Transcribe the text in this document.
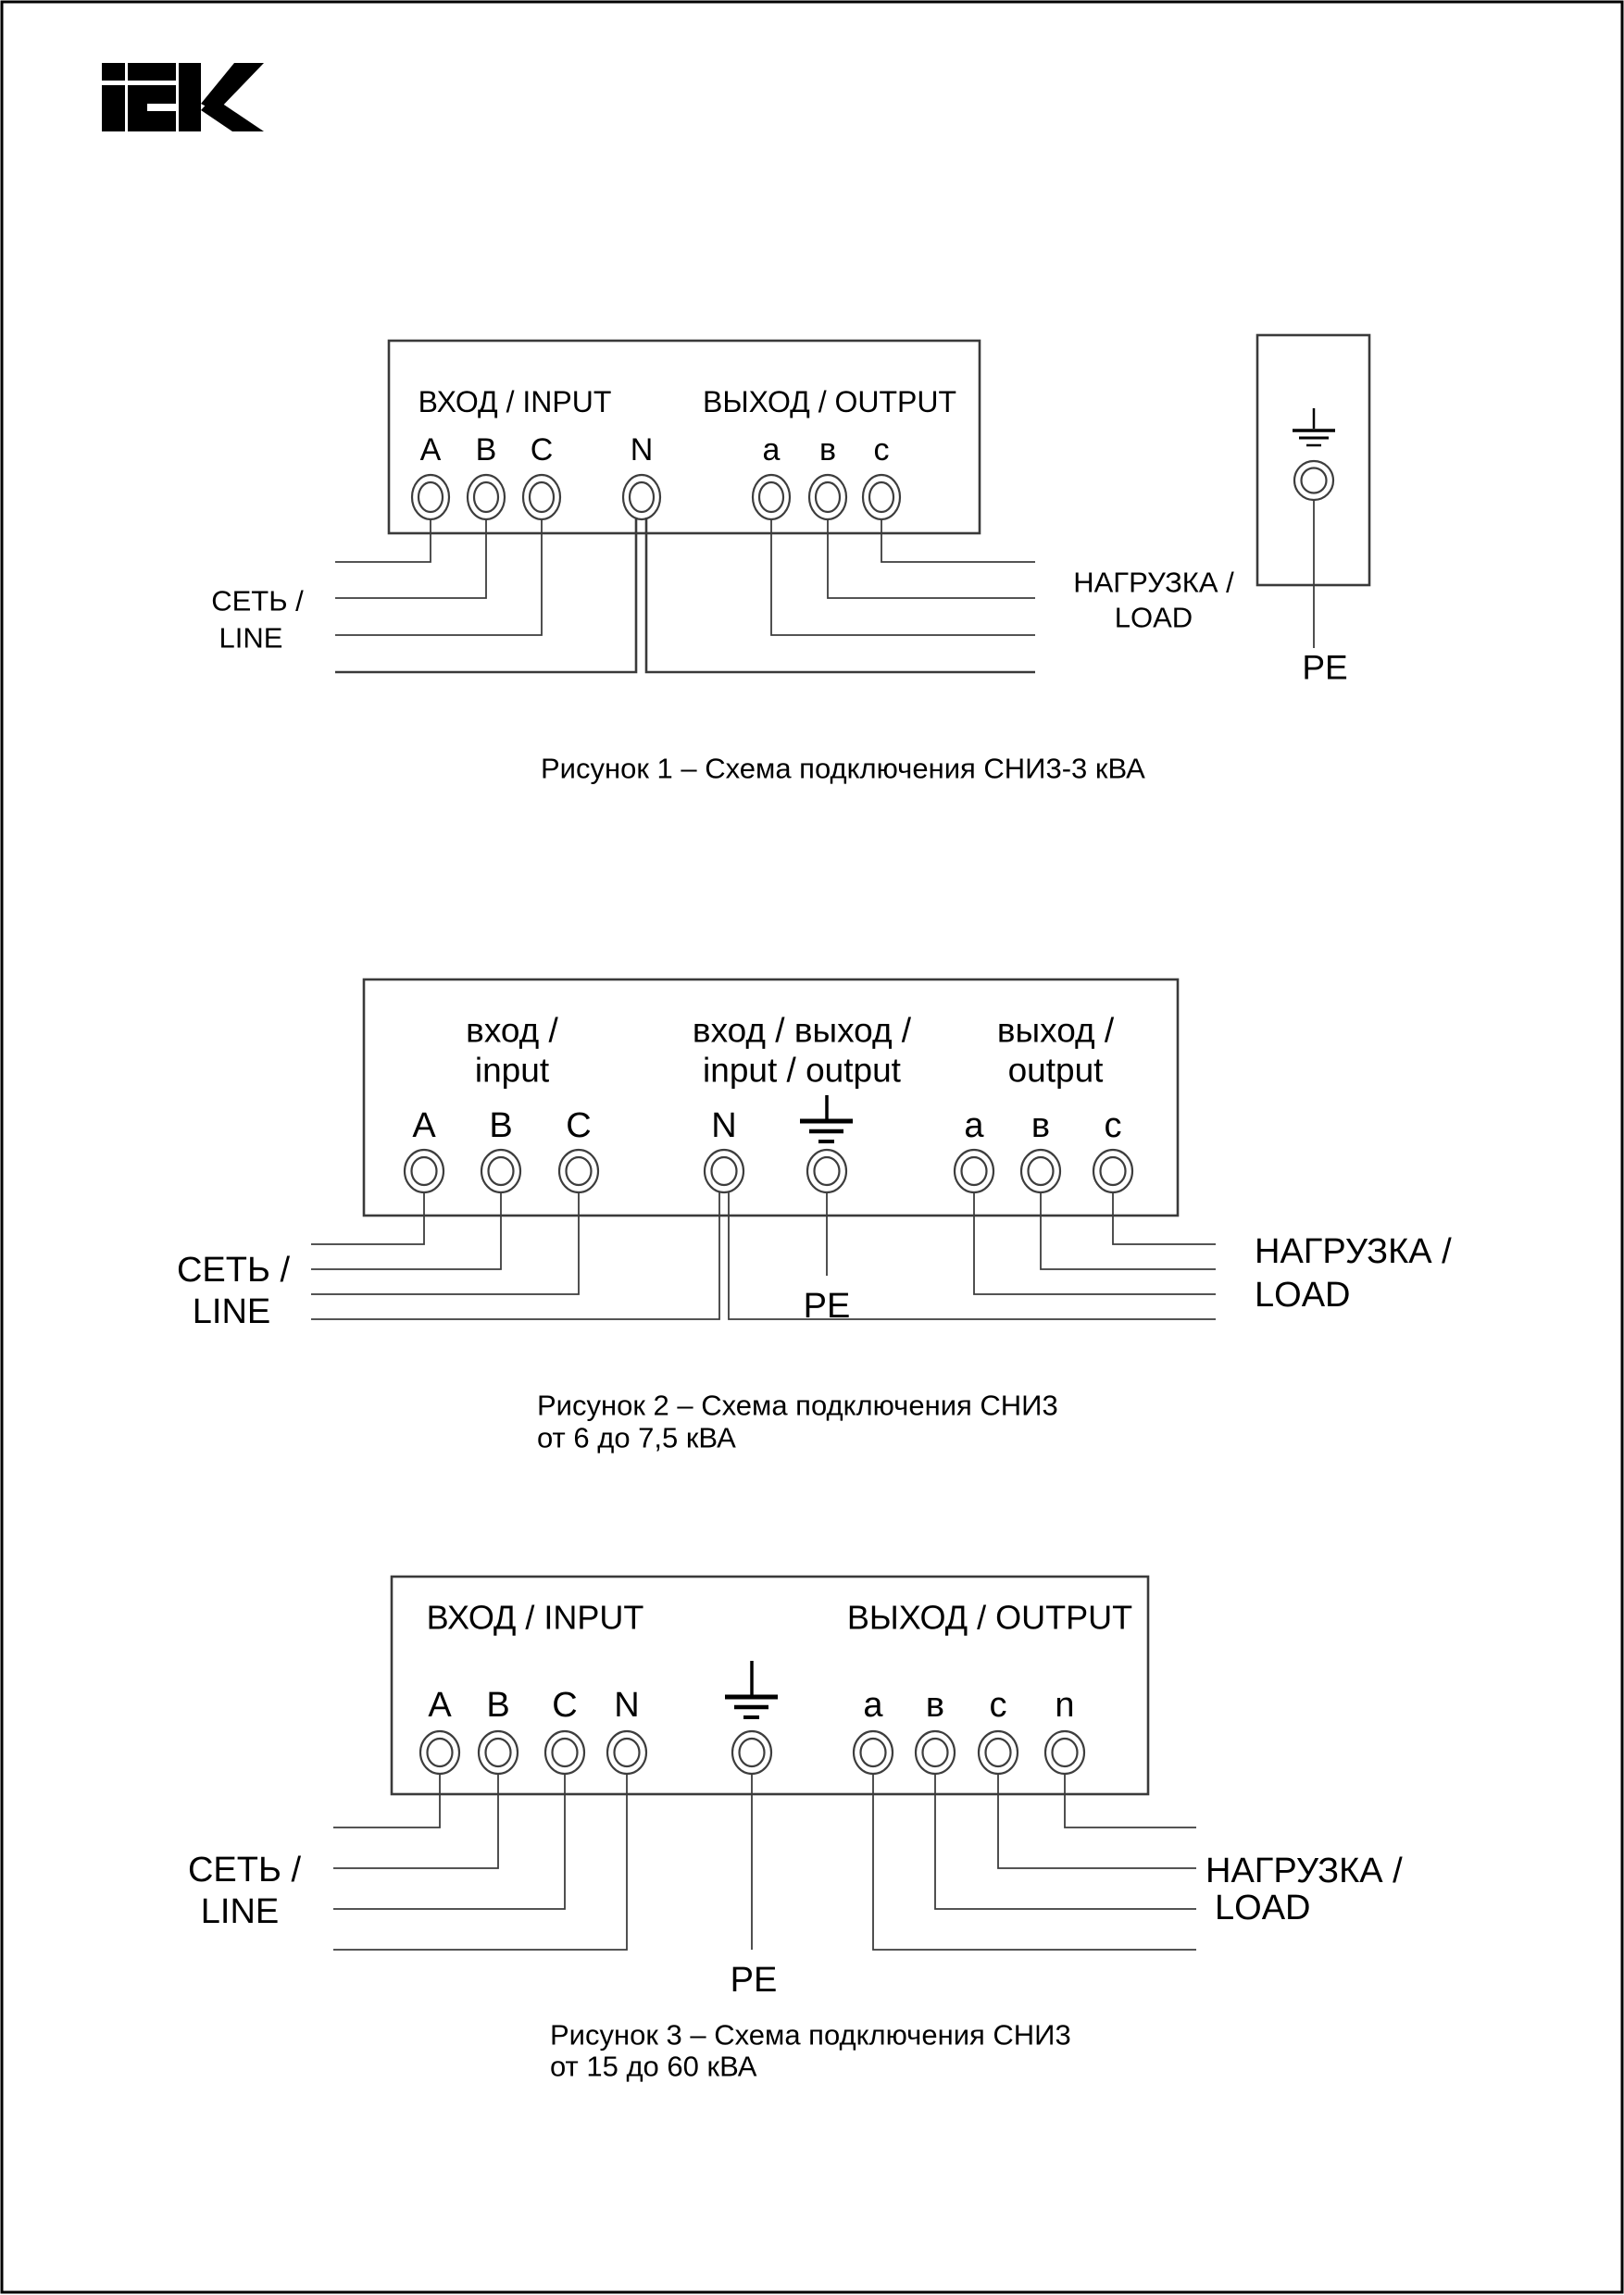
ВХОД / INPUT	ВЫХОД / OUTPUT
A B C N	а в с
СЕТЬ /
LINE
НАГРУЗКА /
LOAD
PE
Рисунок 1 – Схема подключения СНИ3-3 кВА
вход /
input
вход / выход /
input / output
выход /
output
A B C	N	а в с
СЕТЬ /
LINE	PE
НАГРУЗКА /
LOAD
Рисунок 2 – Схема подключения СНИ3
от 6 до 7,5 кВА
ВХОД / INPUT	ВЫХОД / OUTPUT
A B C N	а в с n
СЕТЬ /
LINE
PE
НАГРУЗКА /
LOAD
Рисунок 3 – Схема подключения СНИ3
от 15 до 60 кВА
